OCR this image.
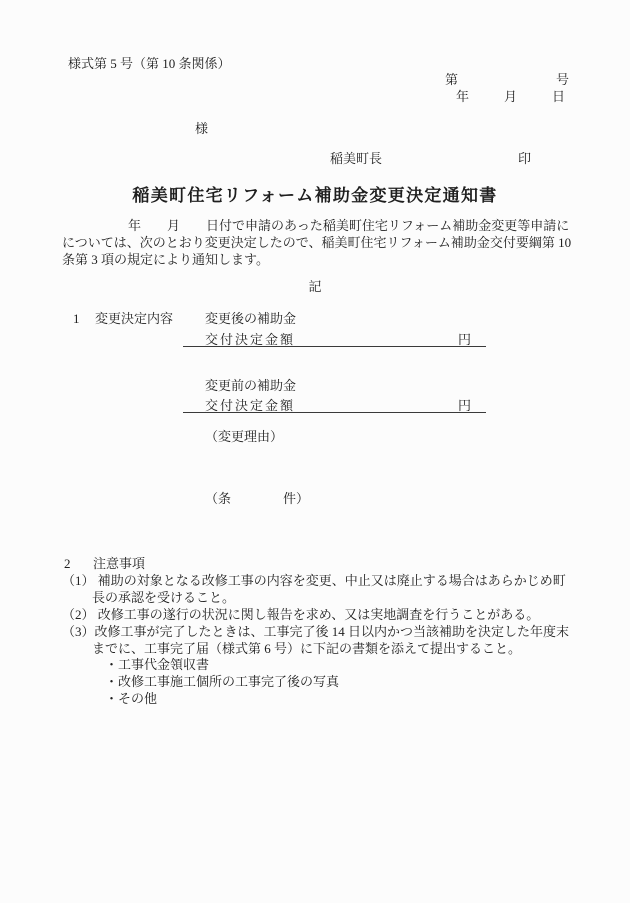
様式第 5 号（第 10 条関係）
第	号
年	月	日
様
稲美町長	印
稲美町住宅リフォーム補助金変更決定通知書
年　　月　　日付で申請のあった稲美町住宅リフォーム補助金変更等申請に
については、次のとおり変更決定したので、稲美町住宅リフォーム補助金交付要綱第 10
条第 3 項の規定により通知します。
記
1 変更決定内容 変更後の補助金
交付決定金額	円
変更前の補助金
交付決定金額	円
（変更理由）
（条　　　　件）
2 注意事項
（1） 補助の対象となる改修工事の内容を変更、中止又は廃止する場合はあらかじめ町
長の承認を受けること。
（2） 改修工事の遂行の状況に関し報告を求め、又は実地調査を行うことがある。
（3）改修工事が完了したときは、工事完了後 14 日以内かつ当該補助を決定した年度末
までに、工事完了届（様式第 6 号）に下記の書類を添えて提出すること。
・工事代金領収書
・改修工事施工個所の工事完了後の写真
・その他
